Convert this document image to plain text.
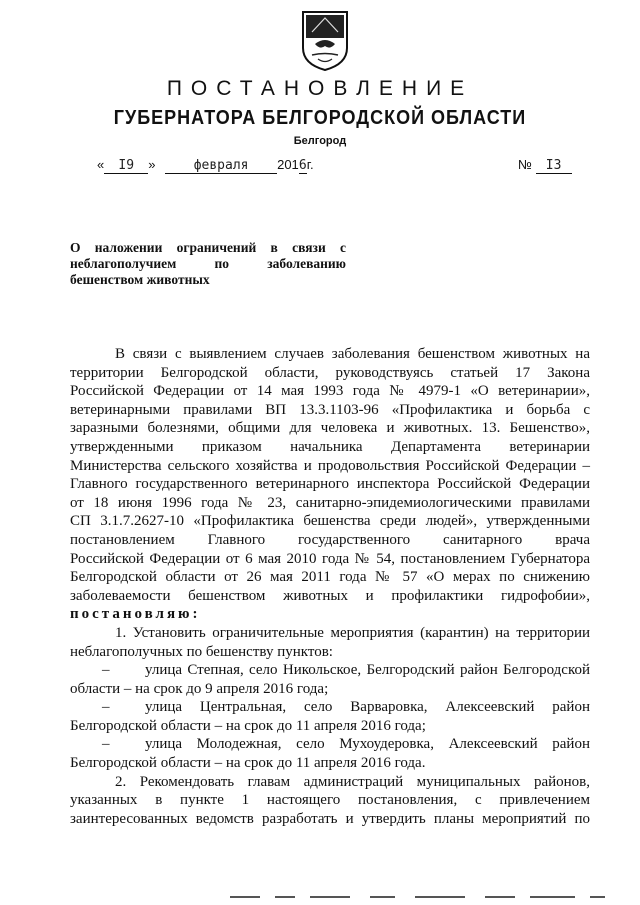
ПОСТАНОВЛЕНИЕ
ГУБЕРНАТОРА БЕЛГОРОДСКОЙ ОБЛАСТИ
Белгород
« I9 »	февраля 2016г.	№ I3
О наложении ограничений в связи с
неблагополучием по заболеванию
бешенством животных

В связи с выявлением случаев заболевания бешенством животных на

территории Белгородской области, руководствуясь статьей 17 Закона

Российской Федерации от 14 мая 1993 года № 4979-1 «О ветеринарии»,

ветеринарными правилами ВП 13.3.1103-96 «Профилактика и борьба с

заразными болезнями, общими для человека и животных. 13. Бешенство»,

утвержденными приказом начальника Департамента ветеринарии

Министерства сельского хозяйства и продовольствия Российской Федерации –

Главного государственного ветеринарного инспектора Российской Федерации

от 18 июня 1996 года № 23, санитарно-эпидемиологическими правилами

СП 3.1.7.2627-10 «Профилактика бешенства среди людей», утвержденными

постановлением Главного государственного санитарного врача

Российской Федерации от 6 мая 2010 года № 54, постановлением Губернатора

Белгородской области от 26 мая 2011 года № 57 «О мерах по снижению

заболеваемости бешенством животных и профилактики гидрофобии»,

постановляю:

1. Установить ограничительные мероприятия (карантин) на территории

неблагополучных по бешенству пунктов:

– улица Степная, село Никольское, Белгородский район Белгородской

области – на срок до 9 апреля 2016 года;

– улица Центральная, село Варваровка, Алексеевский район

Белгородской области – на срок до 11 апреля 2016 года;

– улица Молодежная, село Мухоудеровка, Алексеевский район

Белгородской области – на срок до 11 апреля 2016 года.

2. Рекомендовать главам администраций муниципальных районов,

указанных в пункте 1 настоящего постановления, с привлечением

заинтересованных ведомств разработать и утвердить планы мероприятий по
